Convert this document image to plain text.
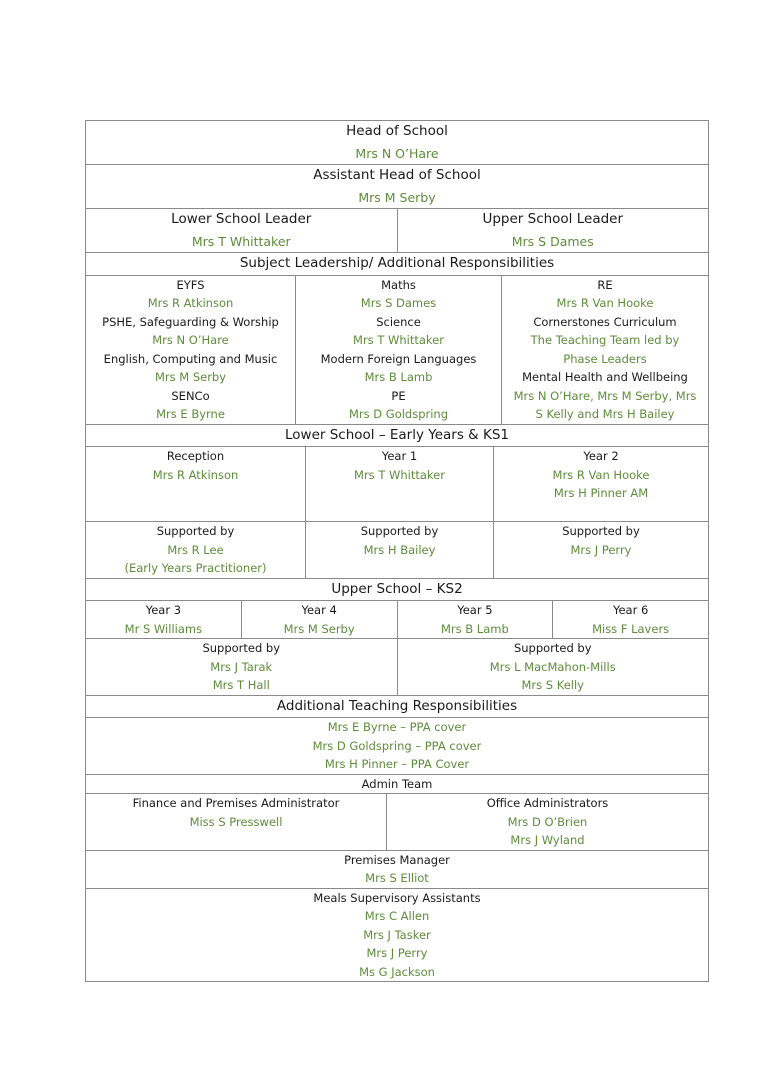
Head of School
Mrs N O’Hare
Assistant Head of School
Mrs M Serby
Lower School Leader
Mrs T Whittaker
Upper School Leader
Mrs S Dames
Subject Leadership/ Additional Responsibilities
EYFS
Mrs R Atkinson
PSHE, Safeguarding & Worship
Mrs N O’Hare
English, Computing and Music
Mrs M Serby
SENCo
Mrs E Byrne
Maths
Mrs S Dames
Science
Mrs T Whittaker
Modern Foreign Languages
Mrs B Lamb
PE
Mrs D Goldspring
RE
Mrs R Van Hooke
Cornerstones Curriculum
The Teaching Team led by
Phase Leaders
Mental Health and Wellbeing
Mrs N O’Hare, Mrs M Serby, Mrs
S Kelly and Mrs H Bailey
Lower School – Early Years & KS1
Reception
Mrs R Atkinson
Year 1
Mrs T Whittaker
Year 2
Mrs R Van Hooke
Mrs H Pinner AM
Supported by
Mrs R Lee
(Early Years Practitioner)
Supported by
Mrs H Bailey
Supported by
Mrs J Perry
Upper School – KS2
Year 3
Mr S Williams
Year 4
Mrs M Serby
Year 5
Mrs B Lamb
Year 6
Miss F Lavers
Supported by
Mrs J Tarak
Mrs T Hall
Supported by
Mrs L MacMahon-Mills
Mrs S Kelly
Additional Teaching Responsibilities
Mrs E Byrne – PPA cover
Mrs D Goldspring – PPA cover
Mrs H Pinner – PPA Cover
Admin Team
Finance and Premises Administrator
Miss S Presswell
Office Administrators
Mrs D O’Brien
Mrs J Wyland
Premises Manager
Mrs S Elliot
Meals Supervisory Assistants
Mrs C Allen
Mrs J Tasker
Mrs J Perry
Ms G Jackson
